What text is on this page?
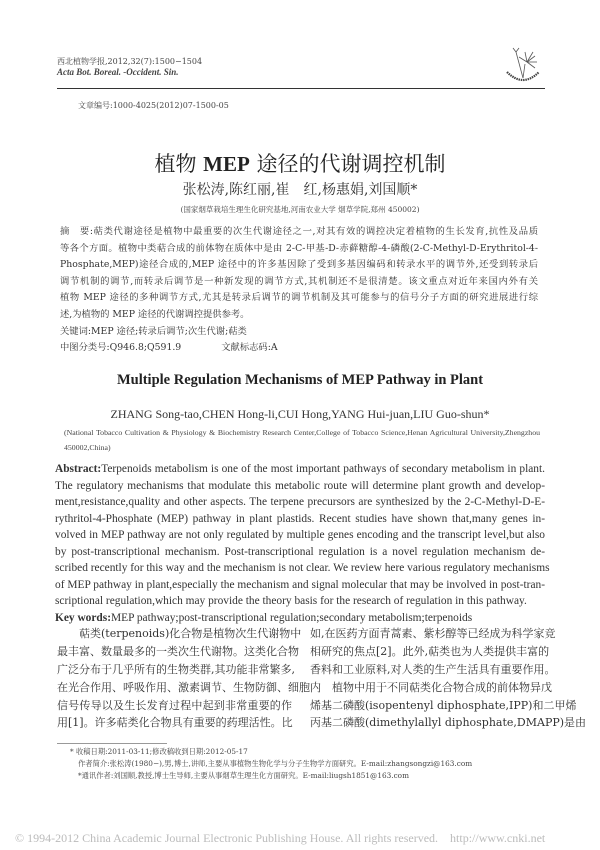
西北植物学报,2012,32(7):1500−1504
Acta Bot. Boreal. -Occident. Sin.
文章编号:1000-4025(2012)07-1500-05
植物 MEP 途径的代谢调控机制
张松涛,陈红丽,崔　红,杨惠娟,刘国顺*
(国家烟草栽培生理生化研究基地,河南农业大学 烟草学院,郑州 450002)
摘　要:萜类代谢途径是植物中最重要的次生代谢途径之一,对其有效的调控决定着植物的生长发育,抗性及品质
等各个方面。植物中类萜合成的前体物在质体中是由 2-C-甲基-D-赤藓糖醇-4-磷酸(2-C-Methyl-D-Erythritol-4-
Phosphate,MEP)途径合成的,MEP 途径中的许多基因除了受到多基因编码和转录水平的调节外,还受到转录后
调节机制的调节,而转录后调节是一种新发现的调节方式,其机制还不是很清楚。该文重点对近年来国内外有关
植物 MEP 途径的多种调节方式,尤其是转录后调节的调节机制及其可能参与的信号分子方面的研究进展进行综
述,为植物的 MEP 途径的代谢调控提供参考。
关键词:MEP 途径;转录后调节;次生代谢;萜类
中图分类号:Q946.8;Q591.9	文献标志码:A
Multiple Regulation Mechanisms of MEP Pathway in Plant
ZHANG Song-tao,CHEN Hong-li,CUI Hong,YANG Hui-juan,LIU Guo-shun*
(National Tobacco Cultivation & Physiology & Biochemistry Research Center,College of Tobacco Science,Henan Agricultural University,Zhengzhou 450002,China)
Abstract:Terpenoids metabolism is one of the most important pathways of secondary metabolism in plant.
The regulatory mechanisms that modulate this metabolic route will determine plant growth and develop-
ment,resistance,quality and other aspects. The terpene precursors are synthesized by the 2-C-Methyl-D-E-
rythritol-4-Phosphate (MEP) pathway in plant plastids. Recent studies have shown that,many genes in-
volved in MEP pathway are not only regulated by multiple genes encoding and the transcript level,but also
by post-transcriptional mechanism. Post-transcriptional regulation is a novel regulation mechanism de-
scribed recently for this way and the mechanism is not clear. We review here various regulatory mechanisms
of MEP pathway in plant,especially the mechanism and signal molecular that may be involved in post-tran-
scriptional regulation,which may provide the theory basis for the research of regulation in this pathway.
Key words:MEP pathway;post-transcriptional regulation;secondary metabolism;terpenoids
萜类(terpenoids)化合物是植物次生代谢物中
最丰富、数量最多的一类次生代谢物。这类化合物
广泛分布于几乎所有的生物类群,其功能非常繁多,
在光合作用、呼吸作用、激素调节、生物防御、细胞内
信号传导以及生长发育过程中起到非常重要的作
用[1]。许多萜类化合物具有重要的药理活性。比
如,在医药方面青蒿素、紫杉醇等已经成为科学家竞
相研究的焦点[2]。此外,萜类也为人类提供丰富的
香料和工业原料,对人类的生产生活具有重要作用。
植物中用于不同萜类化合物合成的前体物异戊
烯基二磷酸(isopentenyl diphosphate,IPP)和二甲烯
丙基二磷酸(dimethylallyl diphosphate,DMAPP)是由
* 收稿日期:2011-03-11;修改稿收到日期:2012-05-17
作者简介:张松涛(1980−),男,博士,讲师,主要从事植物生物化学与分子生物学方面研究。E-mail:zhangsongzi@163.com
*通讯作者:刘国顺,教授,博士生导师,主要从事烟草生理生化方面研究。E-mail:liugsh1851@163.com
© 1994-2012 China Academic Journal Electronic Publishing House. All rights reserved.    http://www.cnki.net
